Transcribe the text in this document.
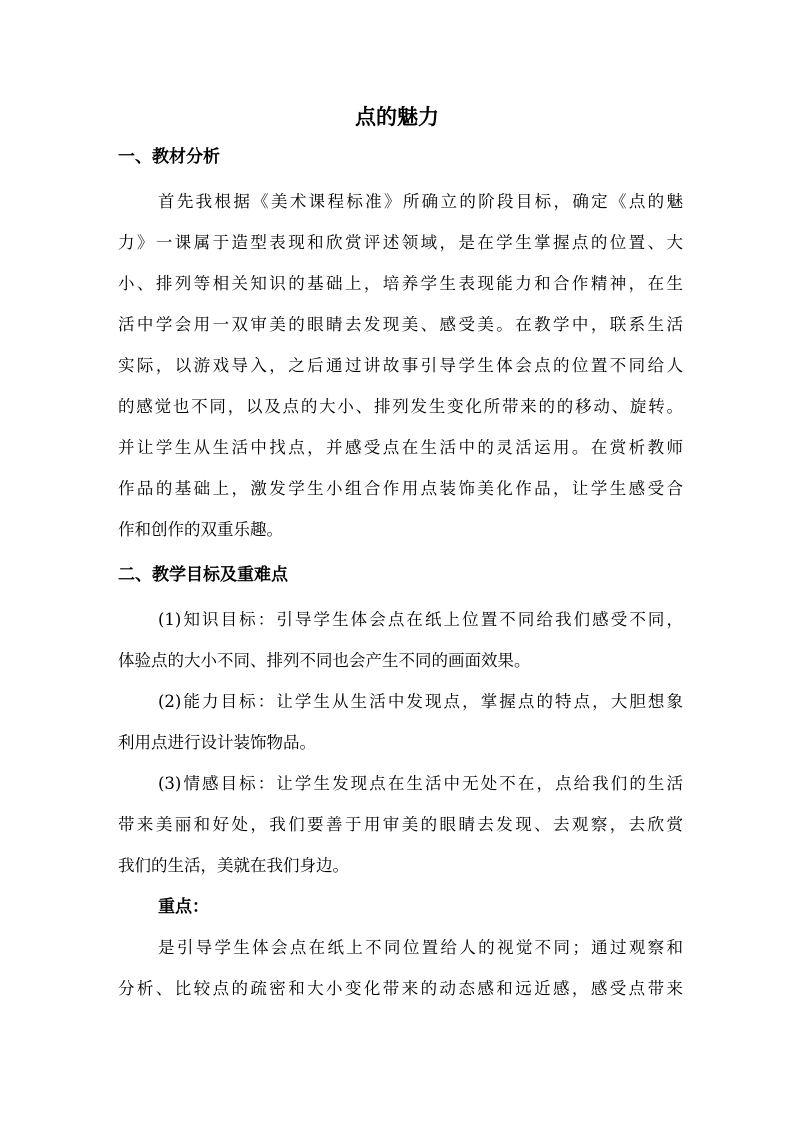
点的魅力
一、教材分析
首先我根据《美术课程标准》所确立的阶段目标，确定《点的魅
力》一课属于造型表现和欣赏评述领域，是在学生掌握点的位置、大
小、排列等相关知识的基础上，培养学生表现能力和合作精神，在生
活中学会用一双审美的眼睛去发现美、感受美。在教学中，联系生活
实际，以游戏导入，之后通过讲故事引导学生体会点的位置不同给人
的感觉也不同，以及点的大小、排列发生变化所带来的的移动、旋转。
并让学生从生活中找点，并感受点在生活中的灵活运用。在赏析教师
作品的基础上，激发学生小组合作用点装饰美化作品，让学生感受合
作和创作的双重乐趣。
二、教学目标及重难点
(1)知识目标：引导学生体会点在纸上位置不同给我们感受不同，
体验点的大小不同、排列不同也会产生不同的画面效果。
(2)能力目标：让学生从生活中发现点，掌握点的特点，大胆想象
利用点进行设计装饰物品。
(3)情感目标：让学生发现点在生活中无处不在，点给我们的生活
带来美丽和好处，我们要善于用审美的眼睛去发现、去观察，去欣赏
我们的生活，美就在我们身边。
重点：
是引导学生体会点在纸上不同位置给人的视觉不同；通过观察和
分析、比较点的疏密和大小变化带来的动态感和远近感，感受点带来
